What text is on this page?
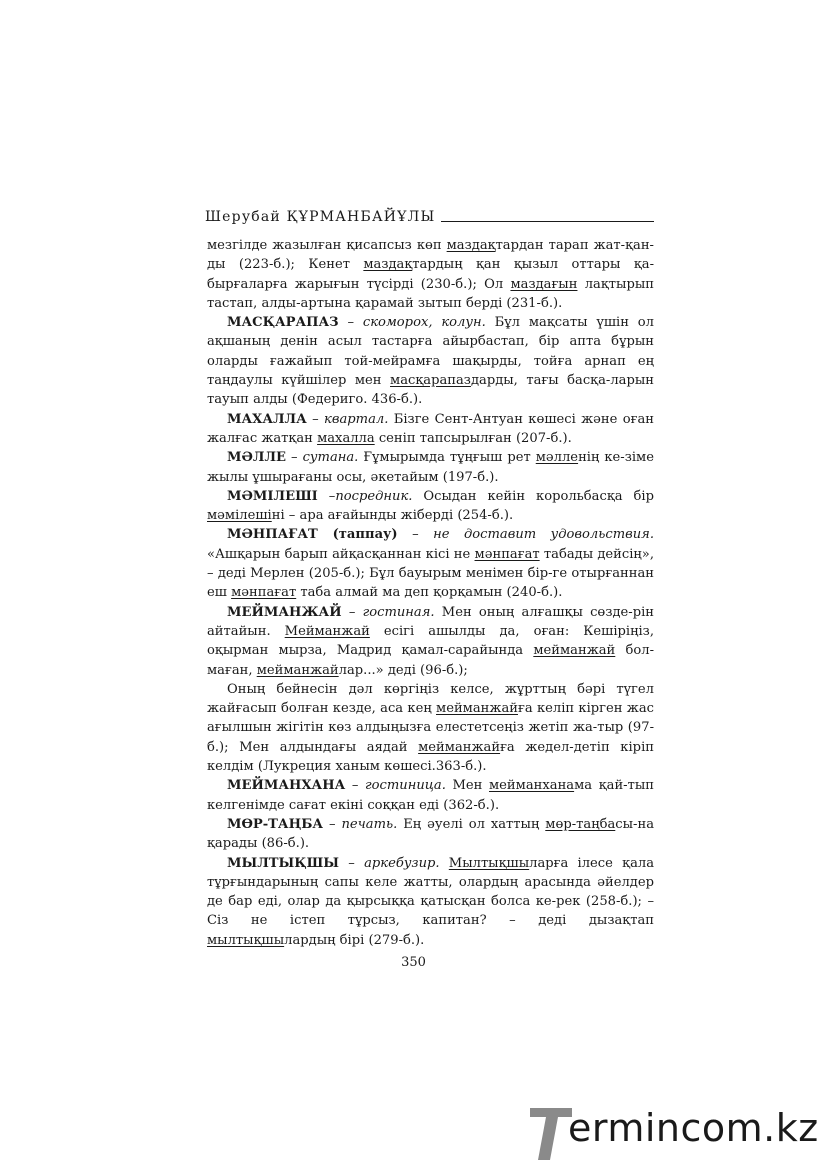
Шерубай ҚҰРМАНБАЙҰЛЫ

мезгілде жазылған қисапсыз көп маздақтардан тарап жат-қан-ды (223-б.); Кенет маздақтардың қан қызыл оттары қа-бырғаларға жарығын түсірді (230-б.); Ол маздағын лақтырып тастап, алды-артына қарамай зытып берді (231-б.).

МАСҚАРАПАЗ – скоморох, колун. Бұл мақсаты үшін ол ақшаның денін асыл тастарға айырбастап, бір апта бұрын оларды ғажайып той-мейрамға шақырды, тойға арнап ең таңдаулы күйшілер мен масқарапаздарды, тағы басқа-ларын тауып алды (Федериго. 436-б.).

МАХАЛЛА – квартал. Бізге Сент-Антуан көшесі және оған жалғас жатқан махалла сеніп тапсырылған (207-б.).

МӘЛЛЕ – сутана. Ғұмырымда тұңғыш рет мәлленің ке-зіме жылы ұшырағаны осы, әкетайым (197-б.).

МӘМІЛЕШІ –посредник. Осыдан кейін корольбасқа бір мәмілешіні – ара ағайынды жіберді (254-б.).

МӘНПАҒАТ (таппау) – не доставит удовольствия. «Ашқарын барып айқасқаннан кісі не мәнпағат табады дейсің», – деді Мерлен (205-б.); Бұл бауырым менімен бір-ге отырғаннан еш мәнпағат таба алмай ма деп қорқамын (240-б.).

МЕЙМАНЖАЙ – гостиная. Мен оның алғашқы сөзде-рін айтайын. Мейманжай есігі ашылды да, оған: Кешіріңіз, оқырман мырза, Мадрид қамал-сарайында мейманжай бол-маған, мейманжайлар...» деді (96-б.);

Оның бейнесін дәл көргіңіз келсе, жұрттың бәрі түгел жайғасып болған кезде, аса кең мейманжайға келіп кірген жас ағылшын жігітін көз алдыңызға елестетсеңіз жетіп жа-тыр (97-б.); Мен алдындағы аядай мейманжайға жедел-детіп кіріп келдім (Лукреция ханым көшесі.363-б.).

МЕЙМАНХАНА – гостиница. Мен мейманханама қай-тып келгенімде сағат екіні соққан еді (362-б.).

МӨР-ТАҢБА – печать. Ең әуелі ол хаттың мөр-таңбасы-на қарады (86-б.).

МЫЛТЫҚШЫ – аркебузир. Мылтықшыларға ілесе қала тұрғындарының сапы келе жатты, олардың арасында әйелдер де бар еді, олар да қырсыққа қатысқан болса ке-рек (258-б.); – Сіз не істеп тұрсыз, капитан? – деді дызақтап мылтықшылардың бірі (279-б.).

350
ermincom.kz
